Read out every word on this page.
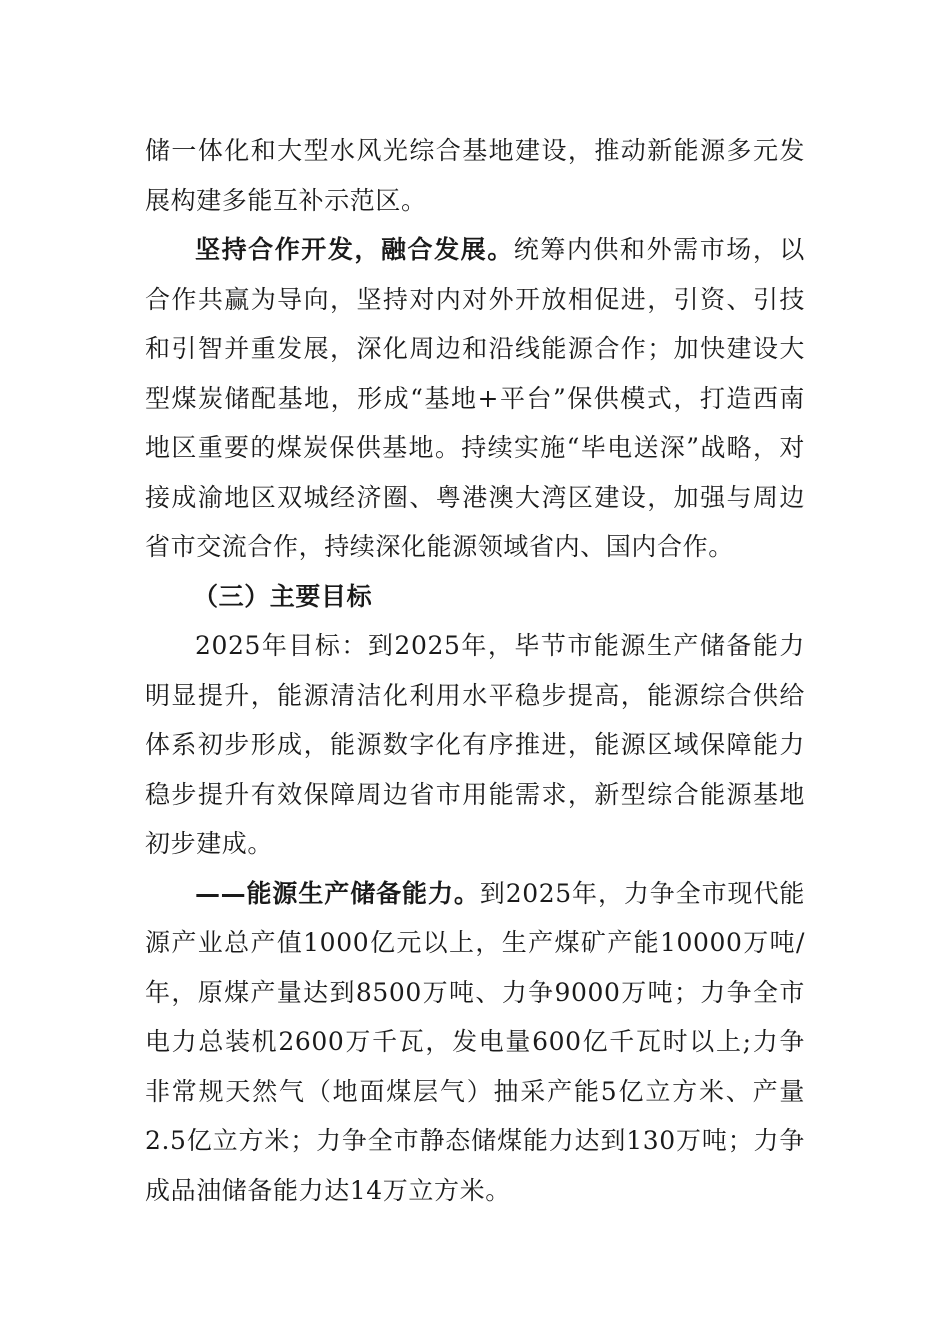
储一体化和大型水风光综合基地建设，推动新能源多元发展构建多能互补示范区。

坚持合作开发，融合发展。统筹内供和外需市场，以合作共赢为导向，坚持对内对外开放相促进，引资、引技和引智并重发展，深化周边和沿线能源合作；加快建设大型煤炭储配基地，形成“基地+平台”保供模式，打造西南地区重要的煤炭保供基地。持续实施“毕电送深”战略，对接成渝地区双城经济圈、粤港澳大湾区建设，加强与周边省市交流合作，持续深化能源领域省内、国内合作。

（三）主要目标

2025年目标：到2025年，毕节市能源生产储备能力明显提升，能源清洁化利用水平稳步提高，能源综合供给体系初步形成，能源数字化有序推进，能源区域保障能力稳步提升有效保障周边省市用能需求，新型综合能源基地初步建成。

——能源生产储备能力。到2025年，力争全市现代能源产业总产值1000亿元以上，生产煤矿产能10000万吨/年，原煤产量达到8500万吨、力争9000万吨；力争全市电力总装机2600万千瓦，发电量600亿千瓦时以上;力争非常规天然气（地面煤层气）抽采产能5亿立方米、产量2.5亿立方米；力争全市静态储煤能力达到130万吨；力争成品油储备能力达14万立方米。
